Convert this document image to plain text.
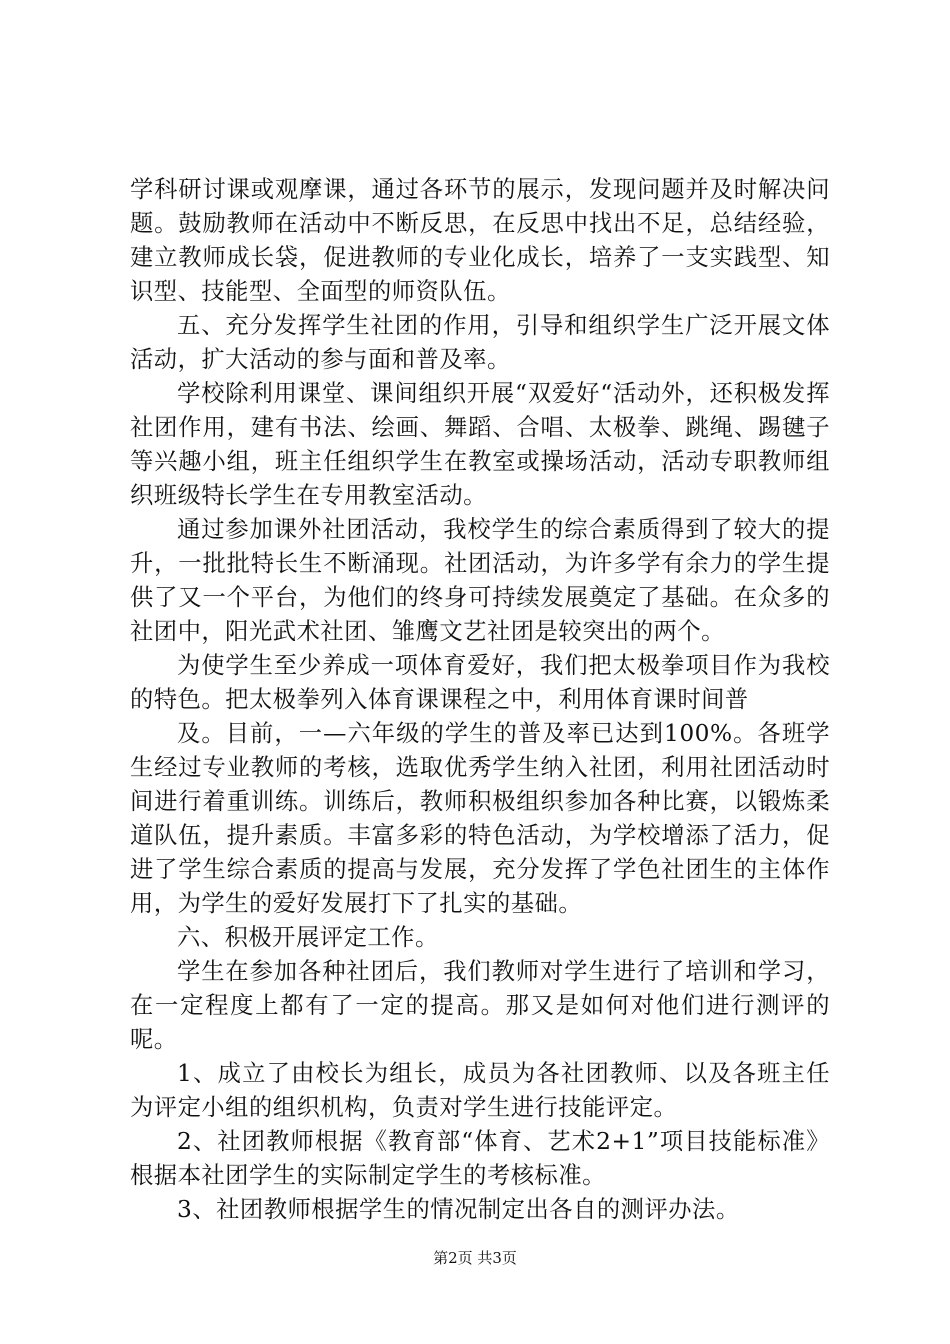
学科研讨课或观摩课，通过各环节的展示，发现问题并及时解决问题。鼓励教师在活动中不断反思，在反思中找出不足，总结经验，建立教师成长袋，促进教师的专业化成长，培养了一支实践型、知识型、技能型、全面型的师资队伍。

五、充分发挥学生社团的作用，引导和组织学生广泛开展文体活动，扩大活动的参与面和普及率。

学校除利用课堂、课间组织开展“双爱好“活动外，还积极发挥社团作用，建有书法、绘画、舞蹈、合唱、太极拳、跳绳、踢毽子等兴趣小组，班主任组织学生在教室或操场活动，活动专职教师组织班级特长学生在专用教室活动。

通过参加课外社团活动，我校学生的综合素质得到了较大的提升，一批批特长生不断涌现。社团活动，为许多学有余力的学生提供了又一个平台，为他们的终身可持续发展奠定了基础。在众多的社团中，阳光武术社团、雏鹰文艺社团是较突出的两个。

为使学生至少养成一项体育爱好，我们把太极拳项目作为我校的特色。把太极拳列入体育课课程之中，利用体育课时间普

及。目前，一—六年级的学生的普及率已达到100%。各班学生经过专业教师的考核，选取优秀学生纳入社团，利用社团活动时间进行着重训练。训练后，教师积极组织参加各种比赛，以锻炼柔道队伍，提升素质。丰富多彩的特色活动，为学校增添了活力，促进了学生综合素质的提高与发展，充分发挥了学色社团生的主体作用，为学生的爱好发展打下了扎实的基础。

六、积极开展评定工作。

学生在参加各种社团后，我们教师对学生进行了培训和学习，在一定程度上都有了一定的提高。那又是如何对他们进行测评的呢。

1、成立了由校长为组长，成员为各社团教师、以及各班主任为评定小组的组织机构，负责对学生进行技能评定。

2、社团教师根据《教育部“体育、艺术2+1”项目技能标准》根据本社团学生的实际制定学生的考核标准。

3、社团教师根据学生的情况制定出各自的测评办法。

第2页 共3页
